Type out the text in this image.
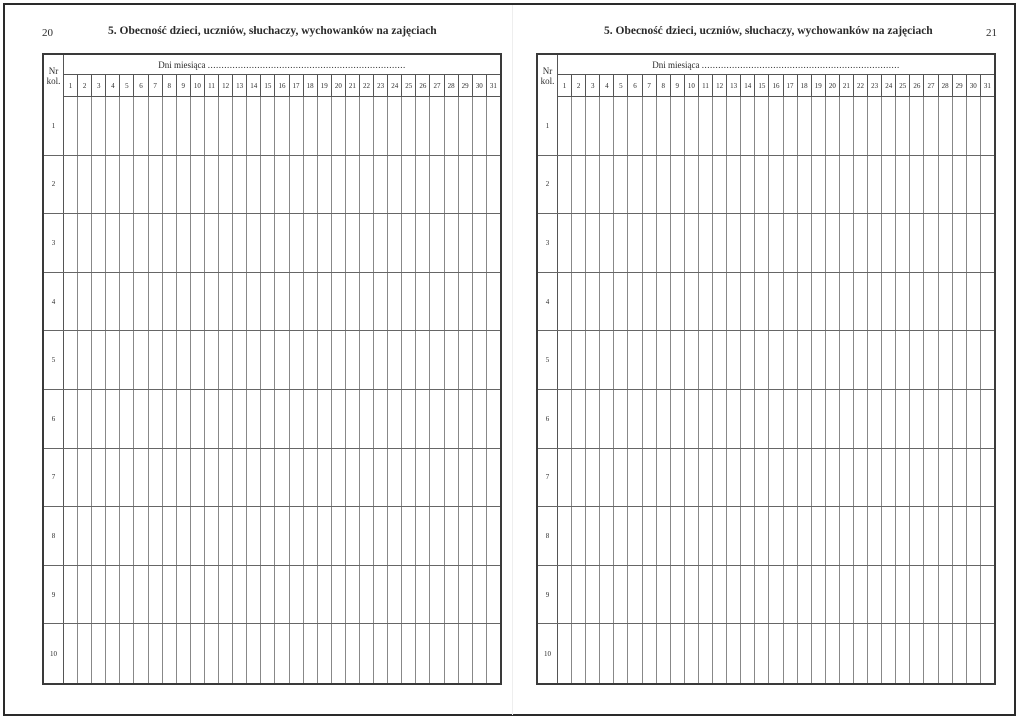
20	5. Obecność dzieci, uczniów, słuchaczy, wychowanków na zajęciach
Nr
kol.
Dni miesiąca ........................................................................
1	2	3	4	5	6	7	8	9	10	11	12	13	14	15	16	17	18	19	20	21	22	23	24	25	26	27	28	29	30	31
1
2
3
4
5
6
7
8
9
10
21
5. Obecność dzieci, uczniów, słuchaczy, wychowanków na zajęciach
Nr
kol.
Dni miesiąca ........................................................................
1	2	3	4	5	6	7	8	9	10	11	12	13	14	15	16	17	18	19	20	21	22	23	24	25	26	27	28	29	30	31
1
2
3
4
5
6
7
8
9
10
